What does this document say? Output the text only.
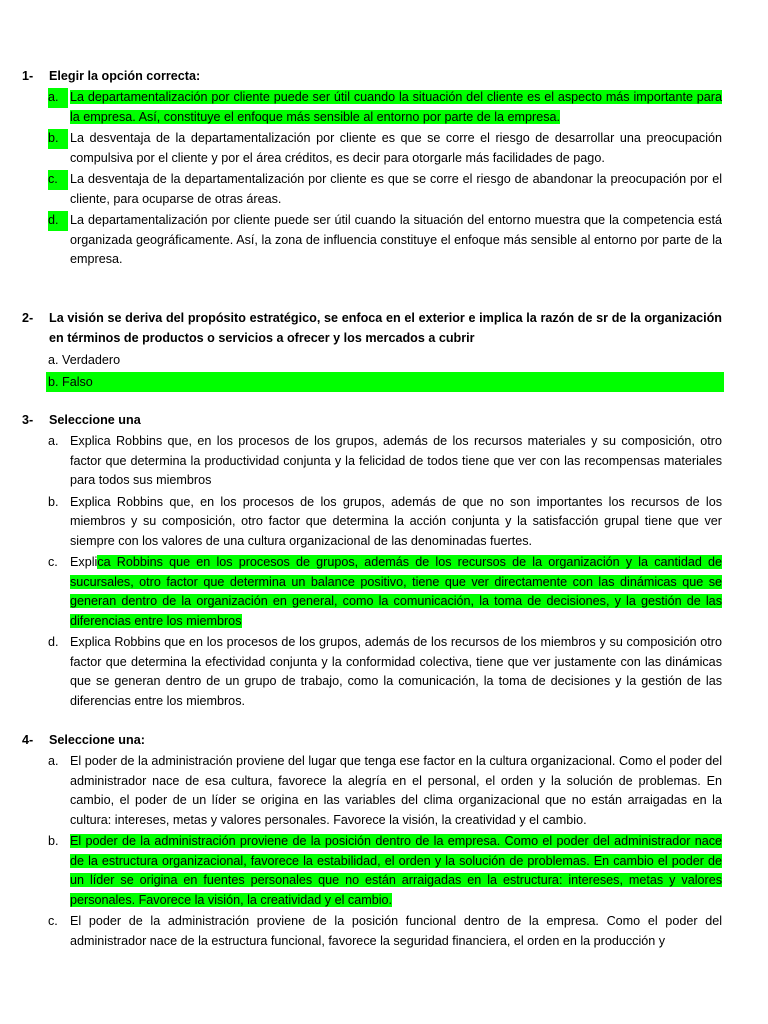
1-	Elegir la opción correcta:
a. La departamentalización por cliente puede ser útil cuando la situación del cliente es el aspecto más importante para la empresa. Así, constituye el enfoque más sensible al entorno por parte de la empresa.
b. La desventaja de la departamentalización por cliente es que se corre el riesgo de desarrollar una preocupación compulsiva por el cliente y por el área créditos, es decir para otorgarle más facilidades de pago.
c. La desventaja de la departamentalización por cliente es que se corre el riesgo de abandonar la preocupación por el cliente, para ocuparse de otras áreas.
d. La departamentalización por cliente puede ser útil cuando la situación del entorno muestra que la competencia está organizada geográficamente. Así, la zona de influencia constituye el enfoque más sensible al entorno por parte de la empresa.
2-	La visión se deriva del propósito estratégico, se enfoca en el exterior e implica la razón de sr de la organización en términos de productos o servicios a ofrecer y los mercados a cubrir
a. Verdadero
b. Falso
3-	Seleccione una
a. Explica Robbins que, en los procesos de los grupos, además de los recursos materiales y su composición, otro factor que determina la productividad conjunta y la felicidad de todos tiene que ver con las recompensas materiales para todos sus miembros
b. Explica Robbins que, en los procesos de los grupos, además de que no son importantes los recursos de los miembros y su composición, otro factor que determina la acción conjunta y la satisfacción grupal tiene que ver siempre con los valores de una cultura organizacional de las denominadas fuertes.
c. Explica Robbins que en los procesos de grupos, además de los recursos de la organización y la cantidad de sucursales, otro factor que determina un balance positivo, tiene que ver directamente con las dinámicas que se generan dentro de la organización en general, como la comunicación, la toma de decisiones, y la gestión de las diferencias entre los miembros
d. Explica Robbins que en los procesos de los grupos, además de los recursos de los miembros y su composición otro factor que determina la efectividad conjunta y la conformidad colectiva, tiene que ver justamente con las dinámicas que se generan dentro de un grupo de trabajo, como la comunicación, la toma de decisiones y la gestión de las diferencias entre los miembros.
4-	Seleccione una:
a. El poder de la administración proviene del lugar que tenga ese factor en la cultura organizacional. Como el poder del administrador nace de esa cultura, favorece la alegría en el personal, el orden y la solución de problemas. En cambio, el poder de un líder se origina en las variables del clima organizacional que no están arraigadas en la cultura: intereses, metas y valores personales. Favorece la visión, la creatividad y el cambio.
b. El poder de la administración proviene de la posición dentro de la empresa. Como el poder del administrador nace de la estructura organizacional, favorece la estabilidad, el orden y la solución de problemas. En cambio el poder de un líder se origina en fuentes personales que no están arraigadas en la estructura: intereses, metas y valores personales. Favorece la visión, la creatividad y el cambio.
c. El poder de la administración proviene de la posición funcional dentro de la empresa. Como el poder del administrador nace de la estructura funcional, favorece la seguridad financiera, el orden en la producción y
